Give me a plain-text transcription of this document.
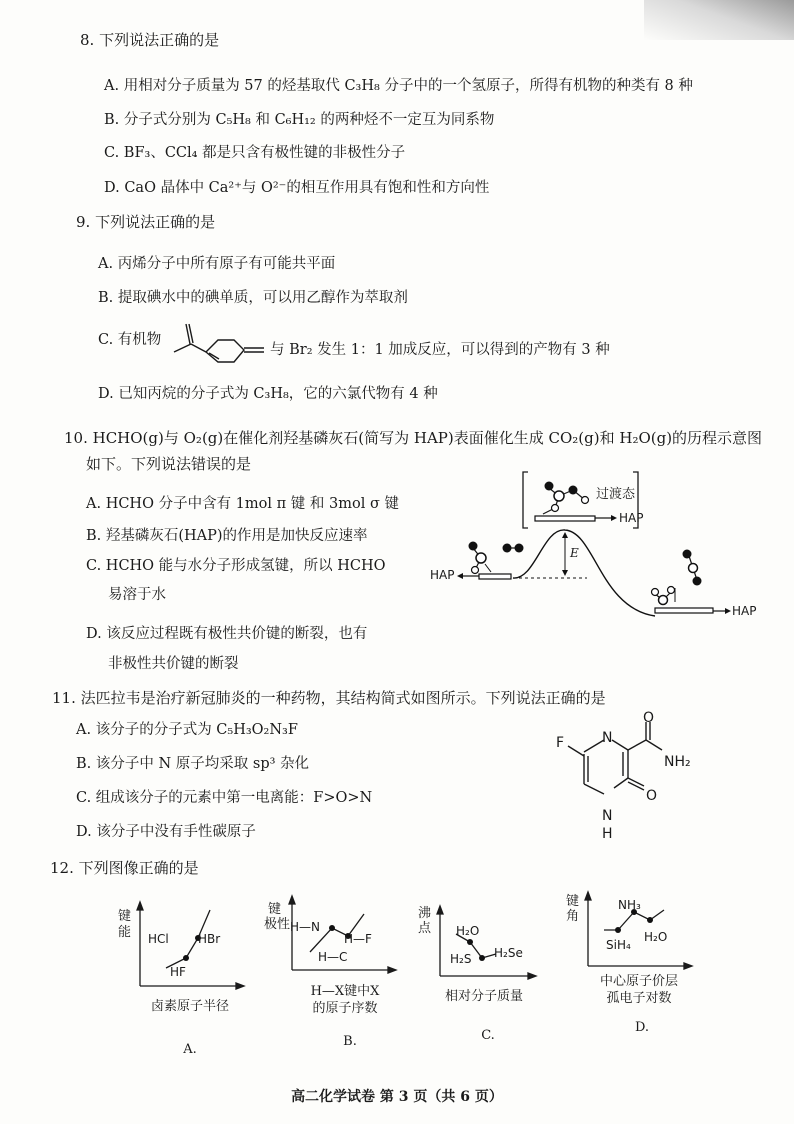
8. 下列说法正确的是
A. 用相对分子质量为 57 的烃基取代 C₃H₈ 分子中的一个氢原子，所得有机物的种类有 8 种
B. 分子式分别为 C₅H₈ 和 C₆H₁₂ 的两种烃不一定互为同系物
C. BF₃、CCl₄ 都是只含有极性键的非极性分子
D. CaO 晶体中 Ca²⁺与 O²⁻的相互作用具有饱和性和方向性
9. 下列说法正确的是
A. 丙烯分子中所有原子有可能共平面
B. 提取碘水中的碘单质，可以用乙醇作为萃取剂
C. 有机物
与 Br₂ 发生 1：1 加成反应，可以得到的产物有 3 种
D. 已知丙烷的分子式为 C₃H₈，它的六氯代物有 4 种
10. HCHO(g)与 O₂(g)在催化剂羟基磷灰石(简写为 HAP)表面催化生成 CO₂(g)和 H₂O(g)的历程示意图
如下。下列说法错误的是
A. HCHO 分子中含有 1mol π 键 和 3mol σ 键
B. 羟基磷灰石(HAP)的作用是加快反应速率
C. HCHO 能与水分子形成氢键，所以 HCHO
易溶于水
D. 该反应过程既有极性共价键的断裂，也有
非极性共价键的断裂
过渡态
HAP
HAP
HAP
E
11. 法匹拉韦是治疗新冠肺炎的一种药物，其结构简式如图所示。下列说法正确的是
A. 该分子的分子式为 C₅H₃O₂N₃F
B. 该分子中 N 原子均采取 sp³ 杂化
C. 组成该分子的元素中第一电离能：F>O>N
D. 该分子中没有手性碳原子
F	N
O
NH₂
O
N
H
12. 下列图像正确的是
键
能
HF
HCl HBr
卤素原子半径
A.
键
极性
H—C
H—N
H—F
H—X键中X
的原子序数
B.
沸
点 H₂O
H₂S H₂Se
相对分子质量
C.
键
角
SiH₄
NH₃
H₂O
中心原子价层
孤电子对数
D.
高二化学试卷 第 3 页（共 6 页）
